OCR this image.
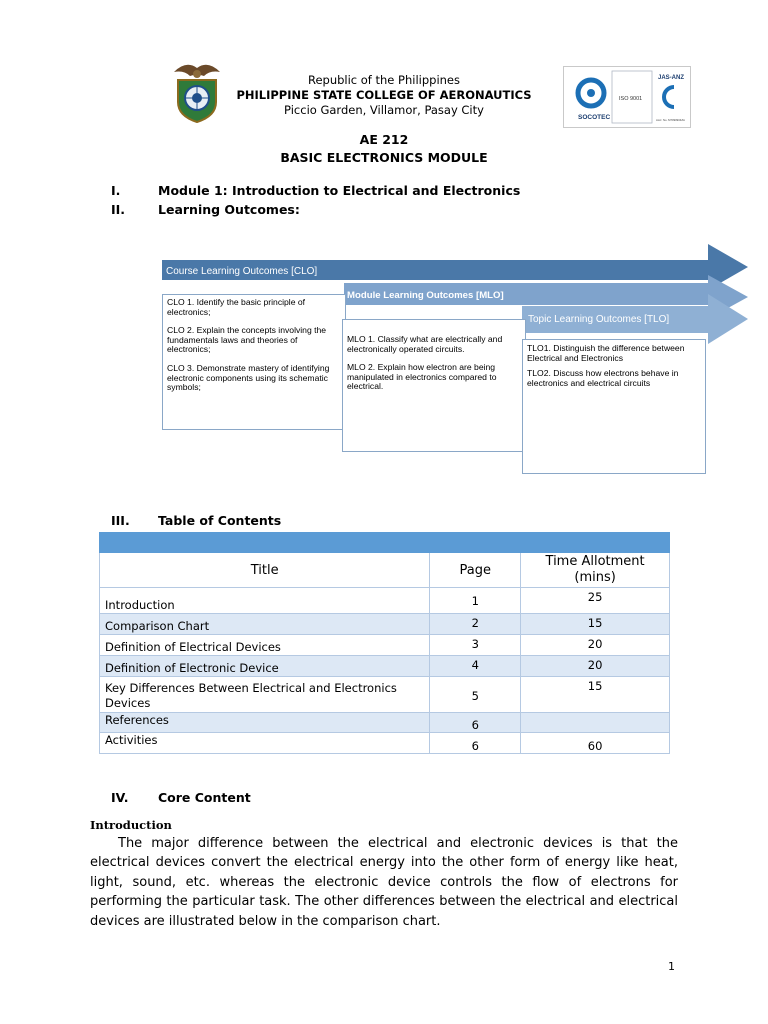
Republic of the Philippines
PHILIPPINE STATE COLLEGE OF AERONAUTICS
Piccio Garden, Villamor, Pasay City
SOCOTEC
ISO 9001
JAS-ANZ
Accr. No. M7090904ZA
AE 212
BASIC ELECTRONICS MODULE
I.	Module 1: Introduction to Electrical and Electronics
II.	Learning Outcomes:
Course Learning Outcomes [CLO]
Module Learning Outcomes [MLO]
Topic Learning Outcomes [TLO]

CLO 1. Identify the basic principle of electronics;

CLO 2. Explain the concepts involving the fundamentals laws and theories of electronics;

CLO 3. Demonstrate mastery of identifying electronic components using its schematic symbols;

MLO 1. Classify what are electrically and electronically operated circuits.

MLO 2. Explain how electron are being manipulated in electronics compared to electrical.

TLO1. Distinguish the difference between Electrical and Electronics

TLO2. Discuss how electrons behave in electronics and electrical circuits

III. Table of Contents

Title	Page	Time Allotment (mins)
Introduction	1	25
Comparison Chart	2	15
Definition of Electrical Devices	3	20
Definition of Electronic Device	4	20
Key Differences Between Electrical and Electronics Devices	5	15
References	6	
Activities	6	60
IV. Core Content
Introduction
The major difference between the electrical and electronic devices is that the electrical devices convert the electrical energy into the other form of energy like heat, light, sound, etc. whereas the electronic device controls the flow of electrons for performing the particular task. The other differences between the electrical and electrical devices are illustrated below in the comparison chart.
1
